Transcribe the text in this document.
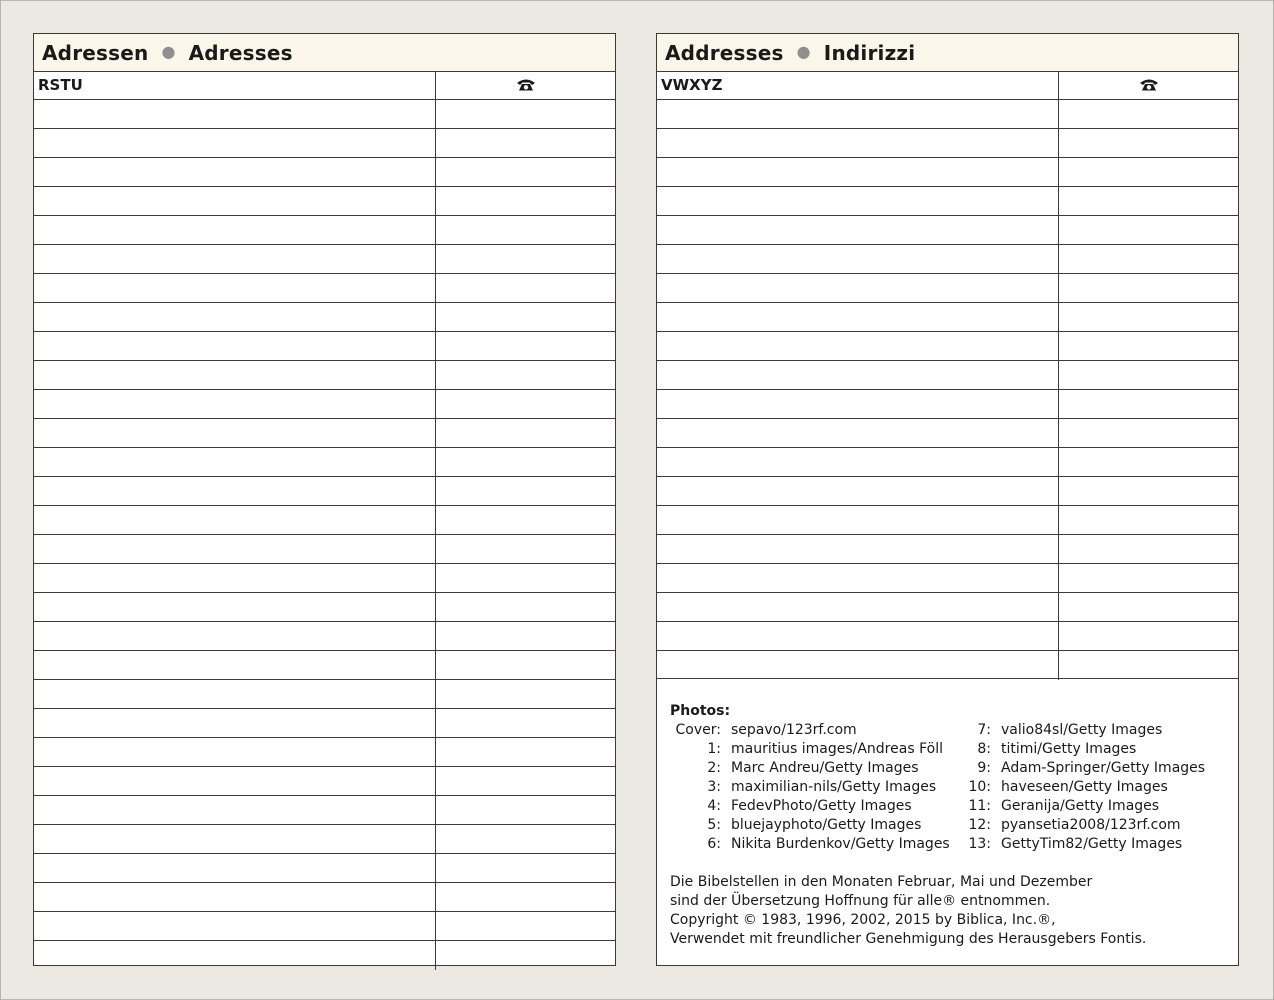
Adressen ● Adresses
RSTU
Addresses ● Indirizzi
VWXYZ
Photos:
Cover: sepavo/123rf.com
1: mauritius images/Andreas Föll
2: Marc Andreu/Getty Images
3: maximilian-nils/Getty Images
4: FedevPhoto/Getty Images
5: bluejayphoto/Getty Images
6: Nikita Burdenkov/Getty Images
7: valio84sl/Getty Images
8: titimi/Getty Images
9: Adam-Springer/Getty Images
10: haveseen/Getty Images
11: Geranija/Getty Images
12: pyansetia2008/123rf.com
13: GettyTim82/Getty Images
Die Bibelstellen in den Monaten Februar, Mai und Dezember
sind der Übersetzung Hoffnung für alle® entnommen.
Copyright © 1983, 1996, 2002, 2015 by Biblica, Inc.®,
Verwendet mit freundlicher Genehmigung des Herausgebers Fontis.
